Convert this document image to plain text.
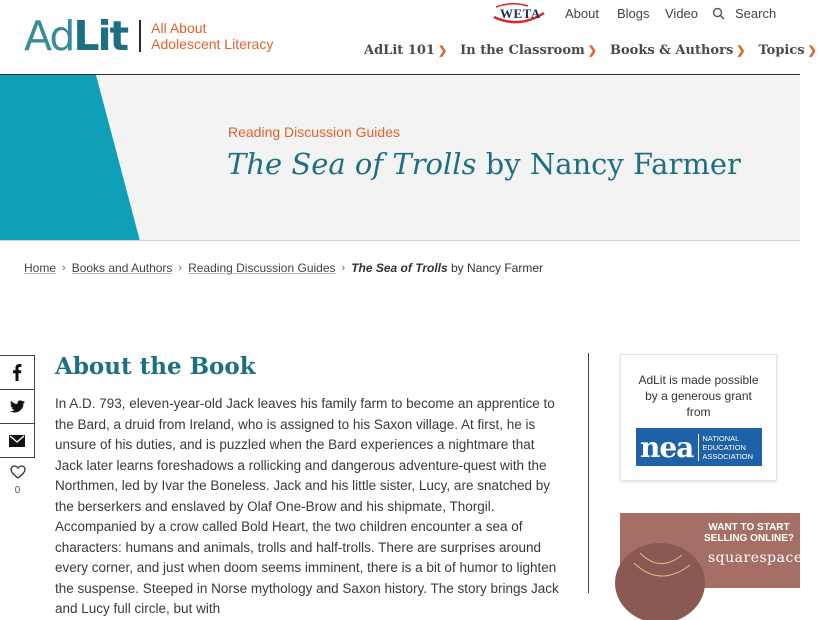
Ad Lit All About
Adolescent Literacy
WETA About Blogs Video	Search
AdLit 101 ❯ In the Classroom ❯ Books & Authors ❯ Topics ❯
Reading Discussion Guides
The Sea of Trolls by Nancy Farmer
Home › Books and Authors › Reading Discussion Guides › The Sea of Trolls by Nancy Farmer
0
About the Book

In A.D. 793, eleven-year-old Jack leaves his family farm to become an apprentice to the Bard, a druid from Ireland, who is assigned to his Saxon village. At first, he is unsure of his duties, and is puzzled when the Bard experiences a nightmare that Jack later learns foreshadows a rollicking and dangerous adventure-quest with the Northmen, led by Ivar the Boneless. Jack and his little sister, Lucy, are snatched by the berserkers and enslaved by Olaf One-Brow and his shipmate, Thorgil. Accompanied by a crow called Bold Heart, the two children encounter a sea of characters: humans and animals, trolls and half-trolls. There are surprises around every corner, and just when doom seems imminent, there is a bit of humor to lighten the suspense. Steeped in Norse mythology and Saxon history. The story brings Jack and Lucy full circle, but with

AdLit is made possible by a generous grant from
nea	NATIONAL
EDUCATION
ASSOCIATION
WANT TO START
SELLING ONLINE?
squarespace
